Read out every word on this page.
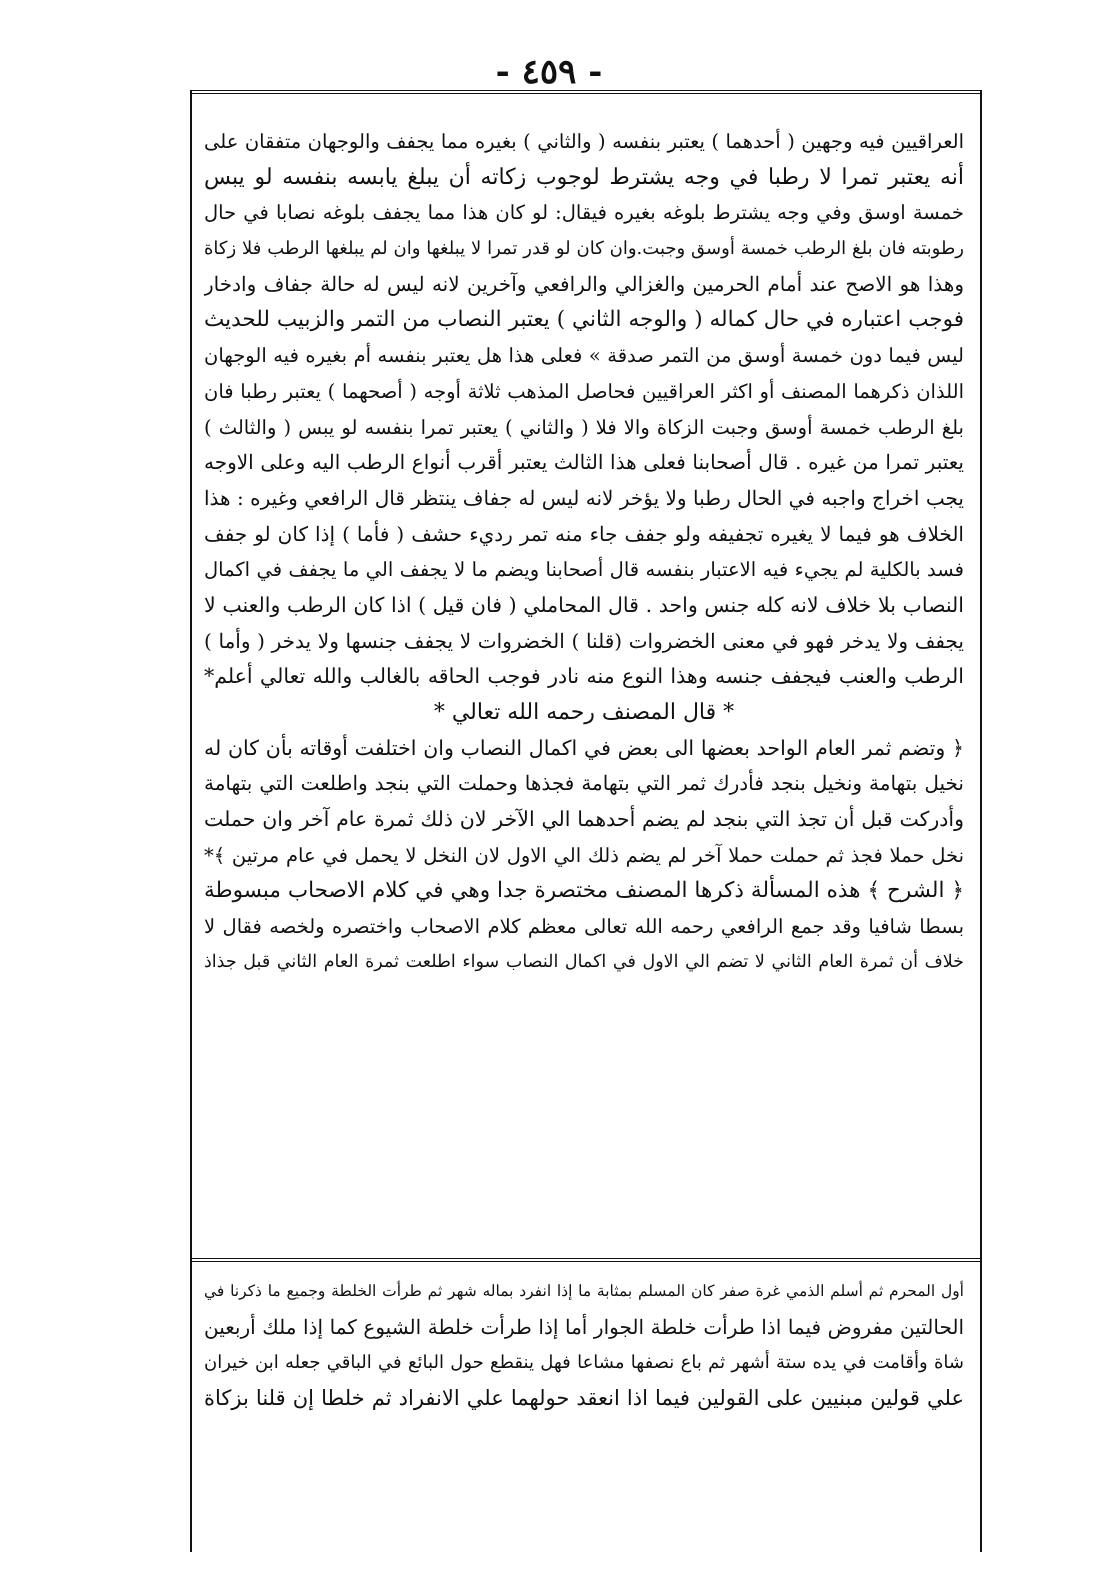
- ٤٥٩ -
العراقيين فيه وجهين ( أحدهما ) يعتبر بنفسه ( والثاني ) بغيره مما يجفف والوجهان متفقان على
أنه يعتبر تمرا لا رطبا في وجه يشترط لوجوب زكاته أن يبلغ يابسه بنفسه لو يبس
خمسة اوسق وفي وجه يشترط بلوغه بغيره فيقال: لو كان هذا مما يجفف بلوغه نصابا في حال
رطوبته فان بلغ الرطب خمسة أوسق وجبت.وان كان لو قدر تمرا لا يبلغها وان لم يبلغها الرطب فلا زكاة
وهذا هو الاصح عند أمام الحرمين والغزالي والرافعي وآخرين لانه ليس له حالة جفاف وادخار
فوجب اعتباره في حال كماله ( والوجه الثاني ) يعتبر النصاب من التمر والزبيب للحديث
ليس فيما دون خمسة أوسق من التمر صدقة » فعلى هذا هل يعتبر بنفسه أم بغيره فيه الوجهان
اللذان ذكرهما المصنف أو اكثر العراقيين فحاصل المذهب ثلاثة أوجه ( أصحهما ) يعتبر رطبا فان
بلغ الرطب خمسة أوسق وجبت الزكاة والا فلا ( والثاني ) يعتبر تمرا بنفسه لو يبس ( والثالث )
يعتبر تمرا من غيره . قال أصحابنا فعلى هذا الثالث يعتبر أقرب أنواع الرطب اليه وعلى الاوجه
يجب اخراج واجبه في الحال رطبا ولا يؤخر لانه ليس له جفاف ينتظر قال الرافعي وغيره : هذا
الخلاف هو فيما لا يغيره تجفيفه ولو جفف جاء منه تمر رديء حشف ( فأما ) إذا كان لو جفف
فسد بالكلية لم يجيء فيه الاعتبار بنفسه قال أصحابنا ويضم ما لا يجفف الي ما يجفف في اكمال
النصاب بلا خلاف لانه كله جنس واحد . قال المحاملي ( فان قيل ) اذا كان الرطب والعنب لا
يجفف ولا يدخر فهو في معنى الخضروات (قلنا ) الخضروات لا يجفف جنسها ولا يدخر ( وأما )
الرطب والعنب فيجفف جنسه وهذا النوع منه نادر فوجب الحاقه بالغالب والله تعالي أعلم*
* قال المصنف رحمه الله تعالي *
﴿ وتضم ثمر العام الواحد بعضها الى بعض في اكمال النصاب وان اختلفت أوقاته بأن كان له
نخيل بتهامة ونخيل بنجد فأدرك ثمر التي بتهامة فجذها وحملت التي بنجد واطلعت التي بتهامة
وأدركت قبل أن تجذ التي بنجد لم يضم أحدهما الي الآخر لان ذلك ثمرة عام آخر وان حملت
نخل حملا فجذ ثم حملت حملا آخر لم يضم ذلك الي الاول لان النخل لا يحمل في عام مرتين ﴾*
﴿ الشرح ﴾ هذه المسألة ذكرها المصنف مختصرة جدا وهي في كلام الاصحاب مبسوطة
بسطا شافيا وقد جمع الرافعي رحمه الله تعالى معظم كلام الاصحاب واختصره ولخصه فقال لا
خلاف أن ثمرة العام الثاني لا تضم الي الاول في اكمال النصاب سواء اطلعت ثمرة العام الثاني قبل جذاذ
أول المحرم ثم أسلم الذمي غرة صفر كان المسلم بمثابة ما إذا انفرد بماله شهر ثم طرأت الخلطة وجميع ما ذكرنا في
الحالتين مفروض فيما اذا طرأت خلطة الجوار أما إذا طرأت خلطة الشيوع كما إذا ملك أربعين
شاة وأقامت في يده ستة أشهر ثم باع نصفها مشاعا فهل ينقطع حول البائع في الباقي جعله ابن خيران
علي قولين مبنيين على القولين فيما اذا انعقد حولهما علي الانفراد ثم خلطا إن قلنا بزكاة
